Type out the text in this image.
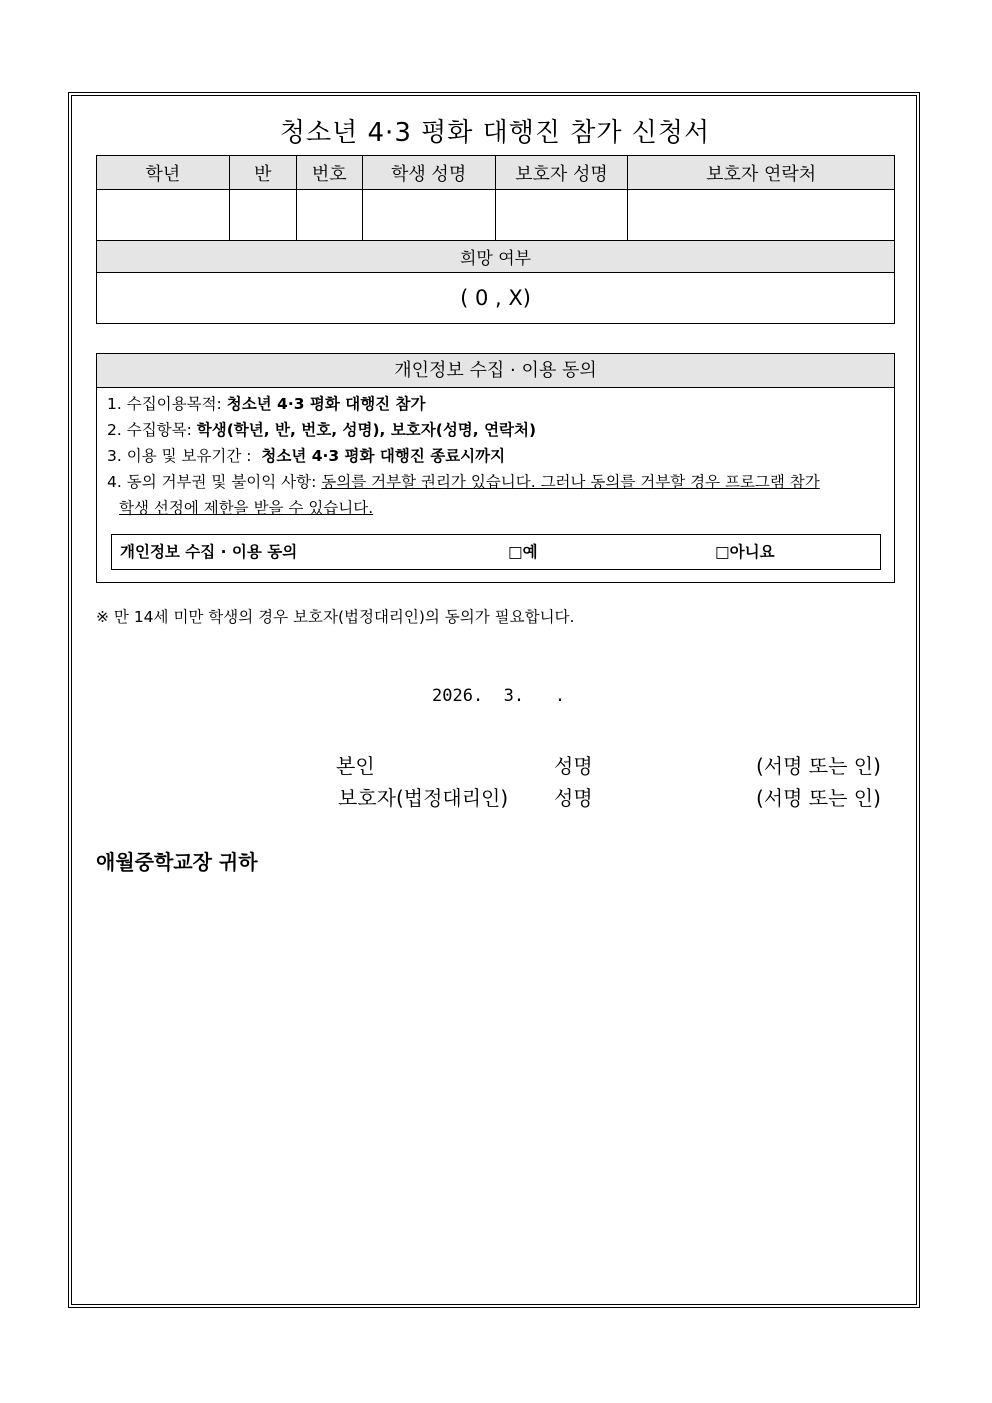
청소년 4·3 평화 대행진 참가 신청서
학년	반	번호	학생 성명	보호자 성명	보호자 연락처

희망 여부					
( 0 , X)					
개인정보 수집 · 이용 동의
1. 수집이용목적: 청소년 4·3 평화 대행진 참가
2. 수집항목: 학생(학년, 반, 번호, 성명), 보호자(성명, 연락처)
3. 이용 및 보유기간 :  청소년 4·3 평화 대행진 종료시까지
4. 동의 거부권 및 불이익 사항: 동의를 거부할 권리가 있습니다. 그러나 동의를 거부할 경우 프로그램 참가
학생 선정에 제한을 받을 수 있습니다.
개인정보 수집 · 이용 동의	□예	□아니요
※ 만 14세 미만 학생의 경우 보호자(법정대리인)의 동의가 필요합니다.
2026.  3.   .
본인	성명	(서명 또는 인)
보호자(법정대리인) 성명	(서명 또는 인)
애월중학교장 귀하
